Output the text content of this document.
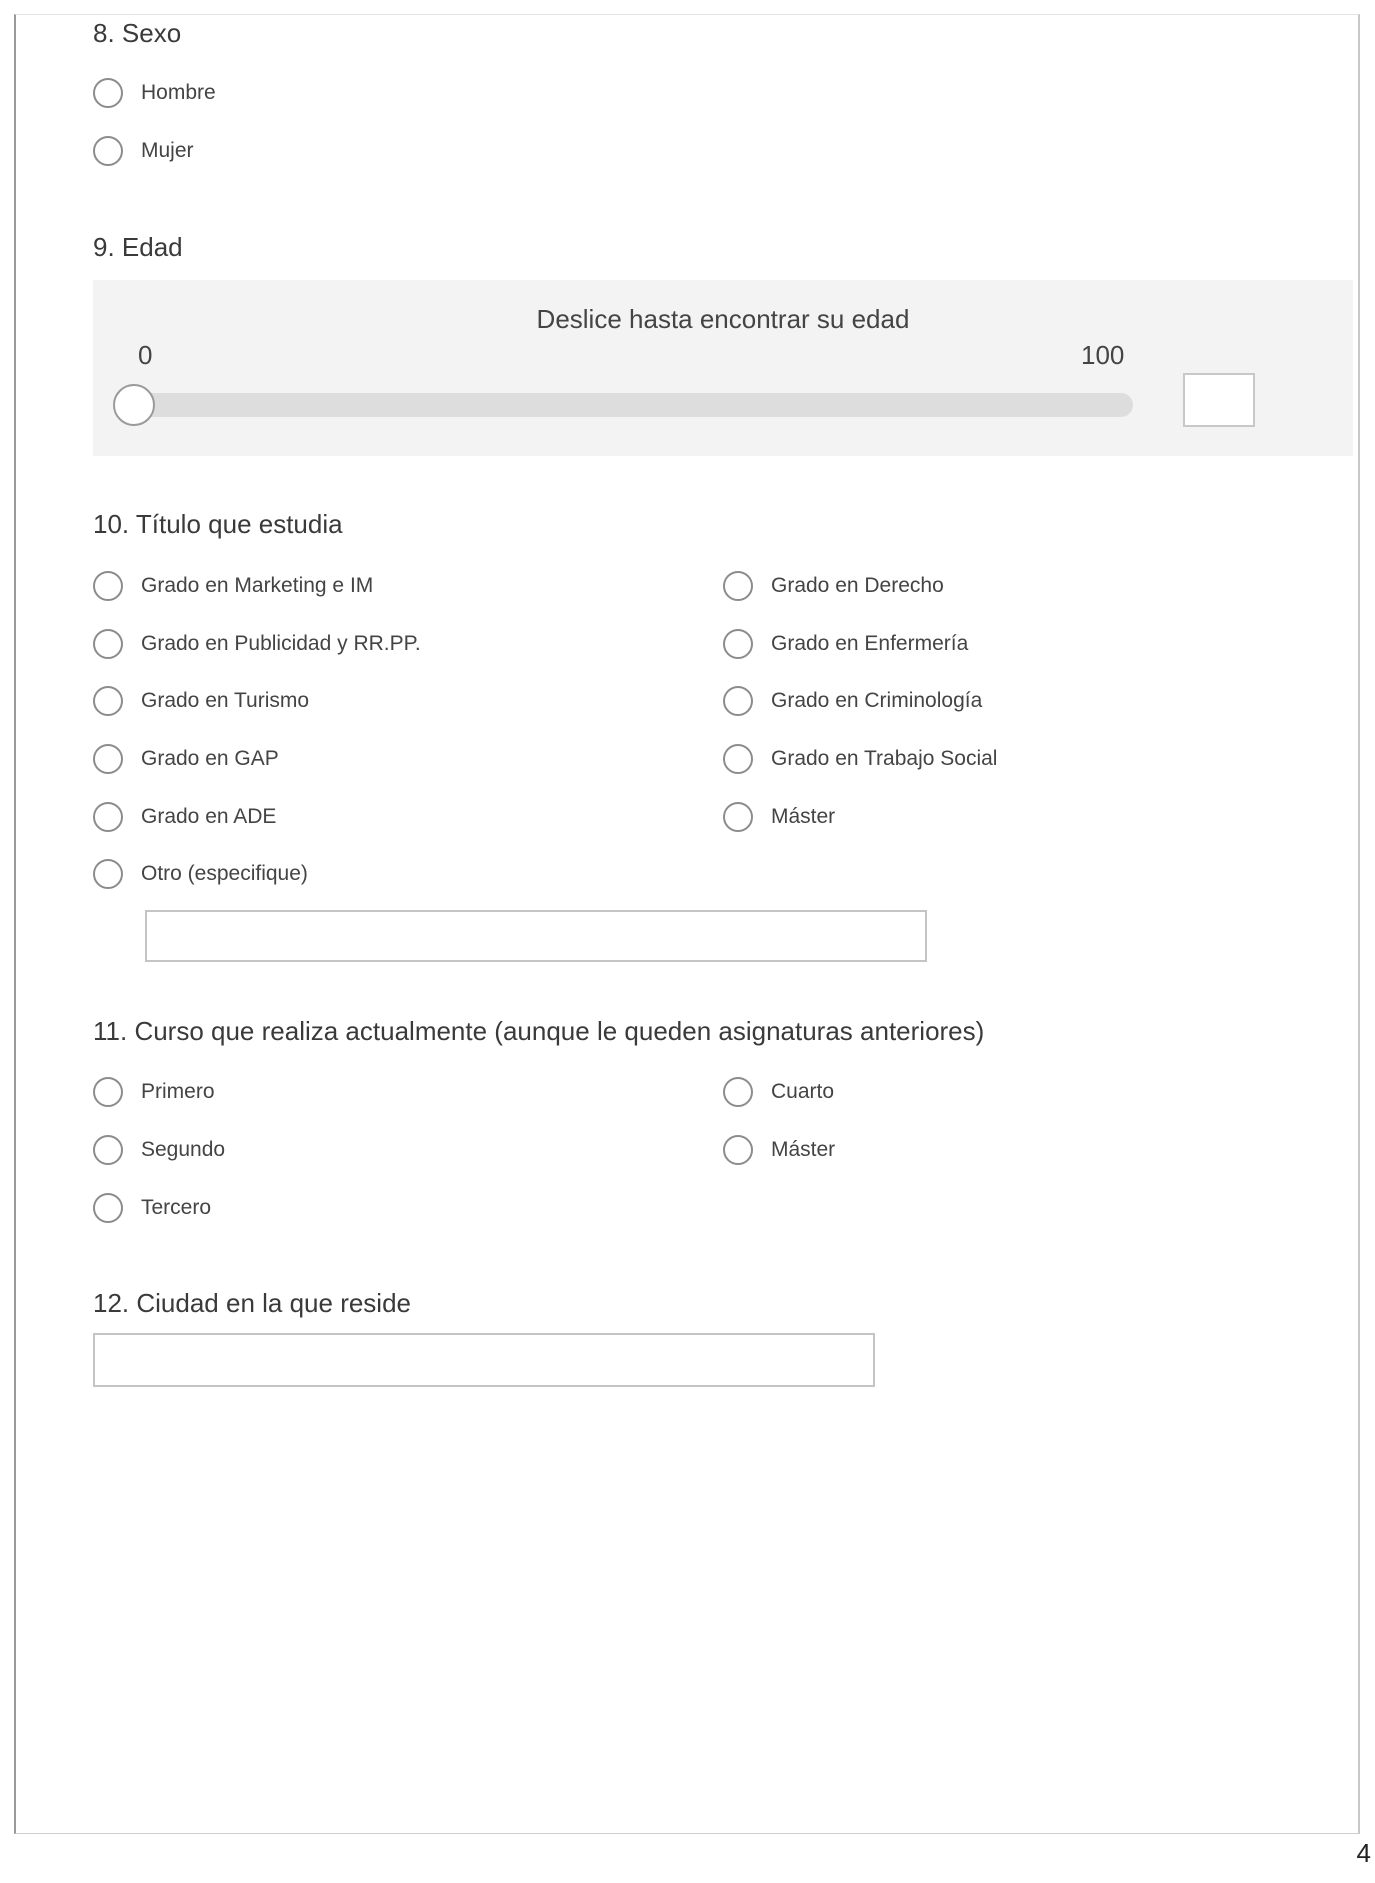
8. Sexo
Hombre
Mujer
9. Edad
Deslice hasta encontrar su edad
0	100
10. Título que estudia
Grado en Marketing e IM
Grado en Publicidad y RR.PP.
Grado en Turismo
Grado en GAP
Grado en ADE
Otro (especifique)
Grado en Derecho
Grado en Enfermería
Grado en Criminología
Grado en Trabajo Social
Máster
11. Curso que realiza actualmente (aunque le queden asignaturas anteriores)
Primero
Segundo
Tercero
Cuarto
Máster
12. Ciudad en la que reside
4
